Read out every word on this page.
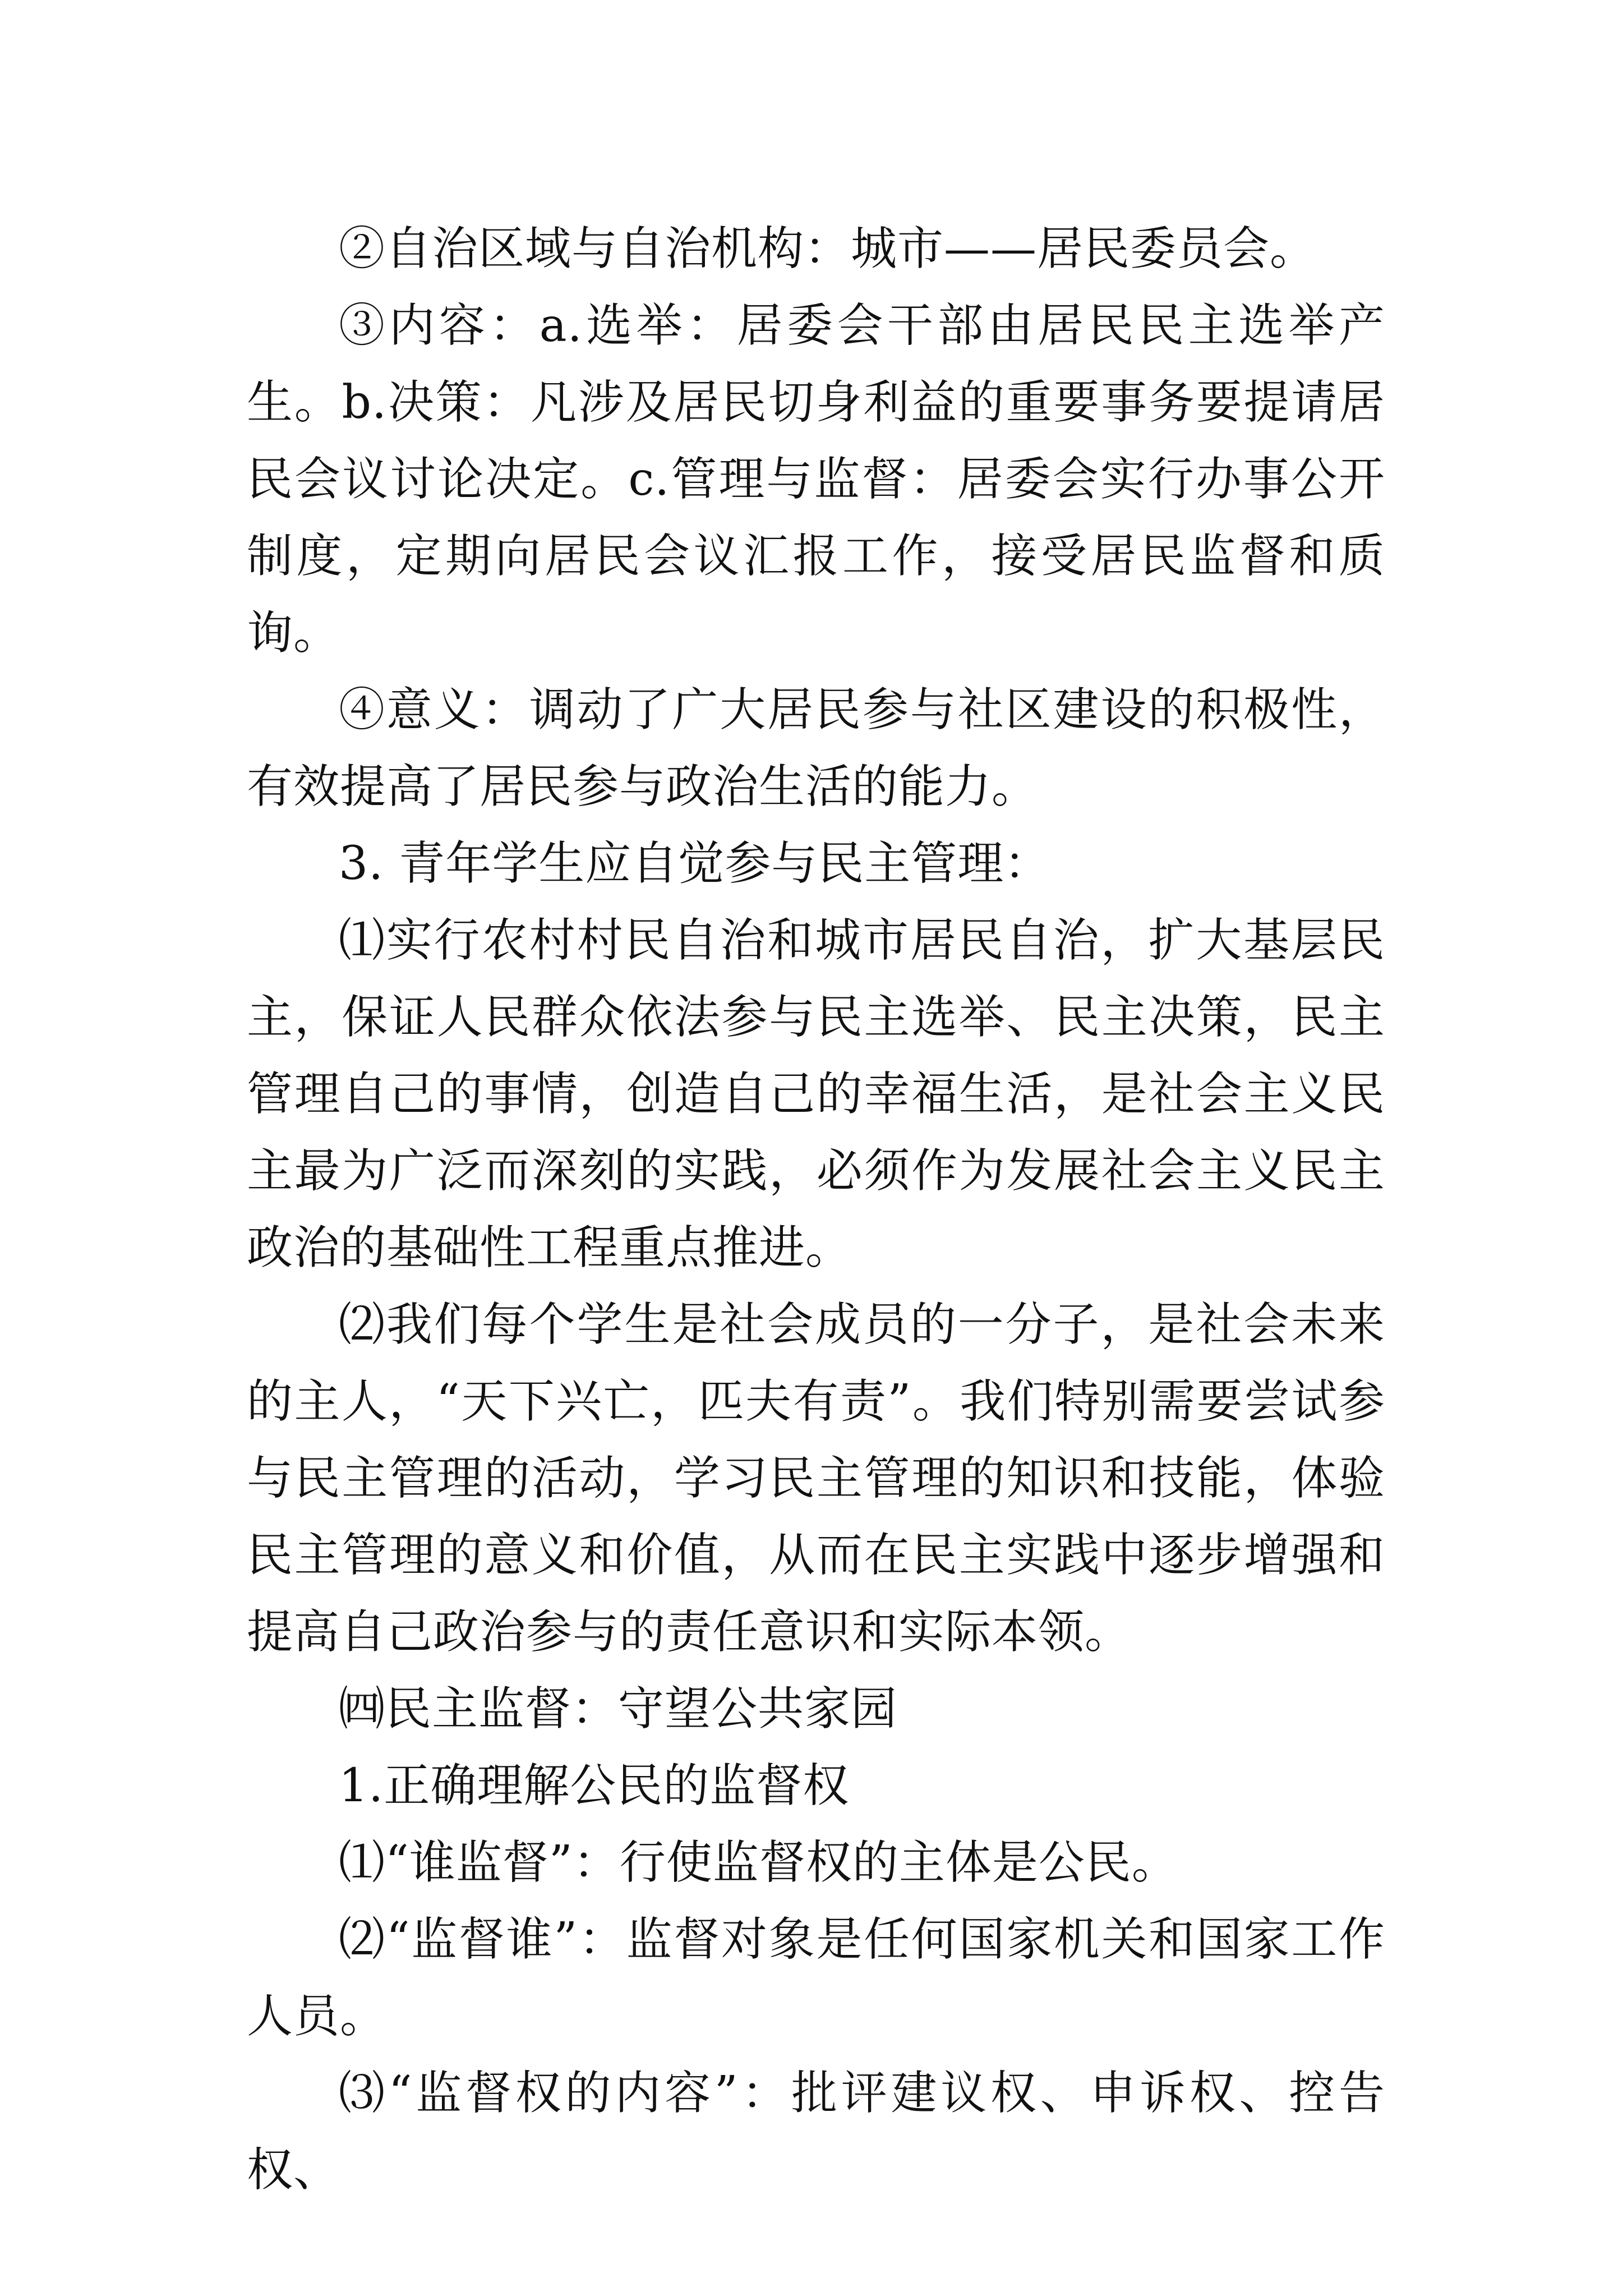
②自治区域与自治机构：城市——居民委员会。

③内容：a.选举：居委会干部由居民民主选举产生。b.决策：凡涉及居民切身利益的重要事务要提请居民会议讨论决定。c.管理与监督：居委会实行办事公开制度，定期向居民会议汇报工作，接受居民监督和质询。

④意义：调动了广大居民参与社区建设的积极性，有效提高了居民参与政治生活的能力。

3. 青年学生应自觉参与民主管理：

⑴实行农村村民自治和城市居民自治，扩大基层民主，保证人民群众依法参与民主选举、民主决策，民主管理自己的事情，创造自己的幸福生活，是社会主义民主最为广泛而深刻的实践，必须作为发展社会主义民主政治的基础性工程重点推进。

⑵我们每个学生是社会成员的一分子，是社会未来的主人，“天下兴亡，匹夫有责”。我们特别需要尝试参与民主管理的活动，学习民主管理的知识和技能，体验民主管理的意义和价值，从而在民主实践中逐步增强和提高自己政治参与的责任意识和实际本领。

㈣民主监督：守望公共家园

1.正确理解公民的监督权

⑴“谁监督”：行使监督权的主体是公民。

⑵“监督谁”：监督对象是任何国家机关和国家工作人员。

⑶“监督权的内容”：批评建议权、申诉权、控告权、
